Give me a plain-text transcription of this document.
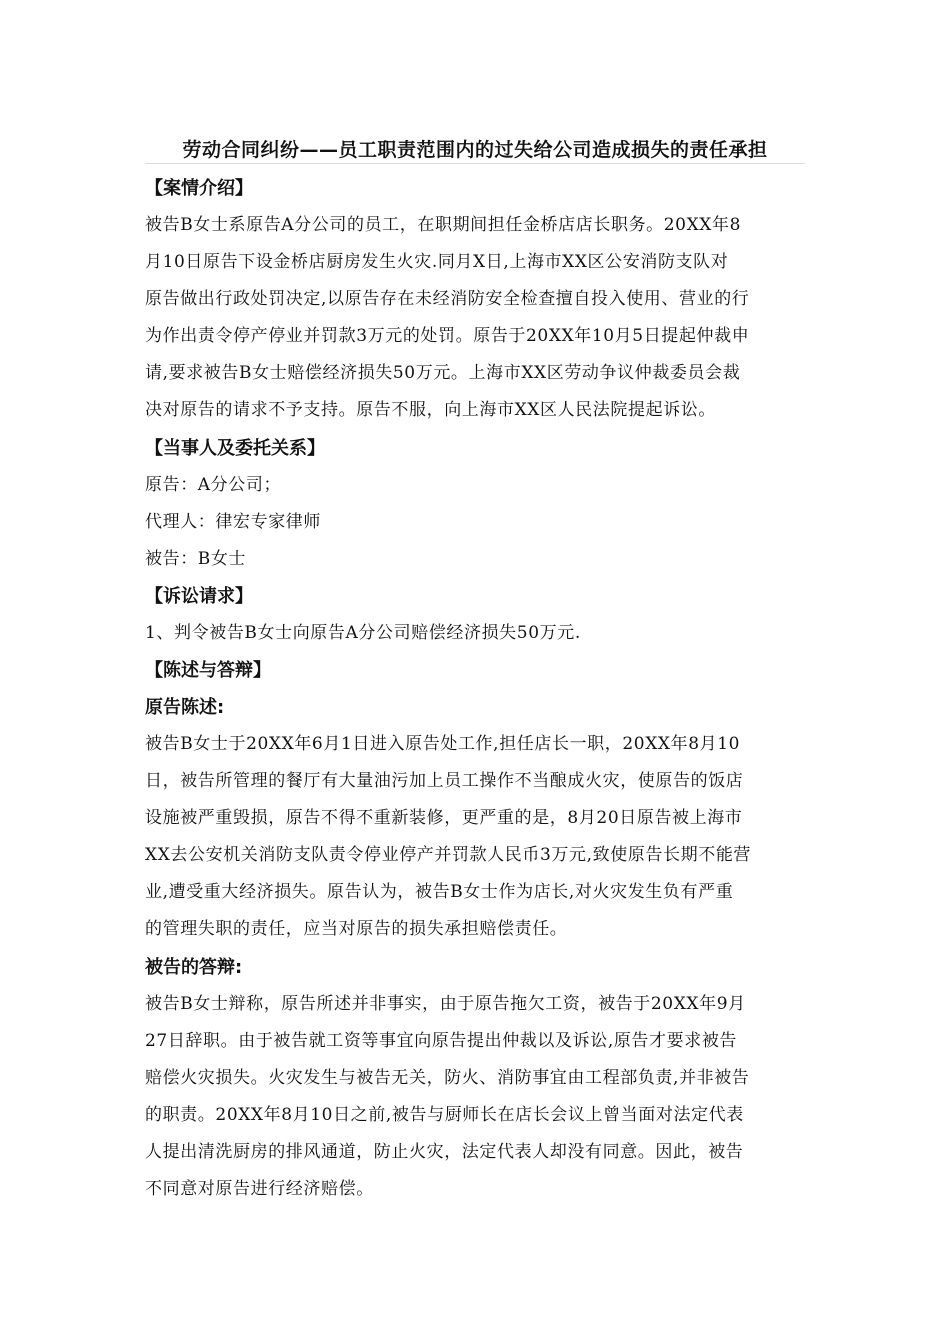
劳动合同纠纷——员工职责范围内的过失给公司造成损失的责任承担
【案情介绍】
被告B女士系原告A分公司的员工，在职期间担任金桥店店长职务。20XX年8
月10日原告下设金桥店厨房发生火灾.同月X日,上海市XX区公安消防支队对
原告做出行政处罚决定,以原告存在未经消防安全检查擅自投入使用、营业的行
为作出责令停产停业并罚款3万元的处罚。原告于20XX年10月5日提起仲裁申
请,要求被告B女士赔偿经济损失50万元。上海市XX区劳动争议仲裁委员会裁
决对原告的请求不予支持。原告不服，向上海市XX区人民法院提起诉讼。
【当事人及委托关系】
原告：A分公司；
代理人：律宏专家律师
被告：B女士
【诉讼请求】
1、判令被告B女士向原告A分公司赔偿经济损失50万元.
【陈述与答辩】
原告陈述:
被告B女士于20XX年6月1日进入原告处工作,担任店长一职，20XX年8月10
日，被告所管理的餐厅有大量油污加上员工操作不当酿成火灾，使原告的饭店
设施被严重毁损，原告不得不重新装修，更严重的是，8月20日原告被上海市
XX去公安机关消防支队责令停业停产并罚款人民币3万元,致使原告长期不能营
业,遭受重大经济损失。原告认为，被告B女士作为店长,对火灾发生负有严重
的管理失职的责任，应当对原告的损失承担赔偿责任。
被告的答辩:
被告B女士辩称，原告所述并非事实，由于原告拖欠工资，被告于20XX年9月
27日辞职。由于被告就工资等事宜向原告提出仲裁以及诉讼,原告才要求被告
赔偿火灾损失。火灾发生与被告无关，防火、消防事宜由工程部负责,并非被告
的职责。20XX年8月10日之前,被告与厨师长在店长会议上曾当面对法定代表
人提出清洗厨房的排风通道，防止火灾，法定代表人却没有同意。因此，被告
不同意对原告进行经济赔偿。
